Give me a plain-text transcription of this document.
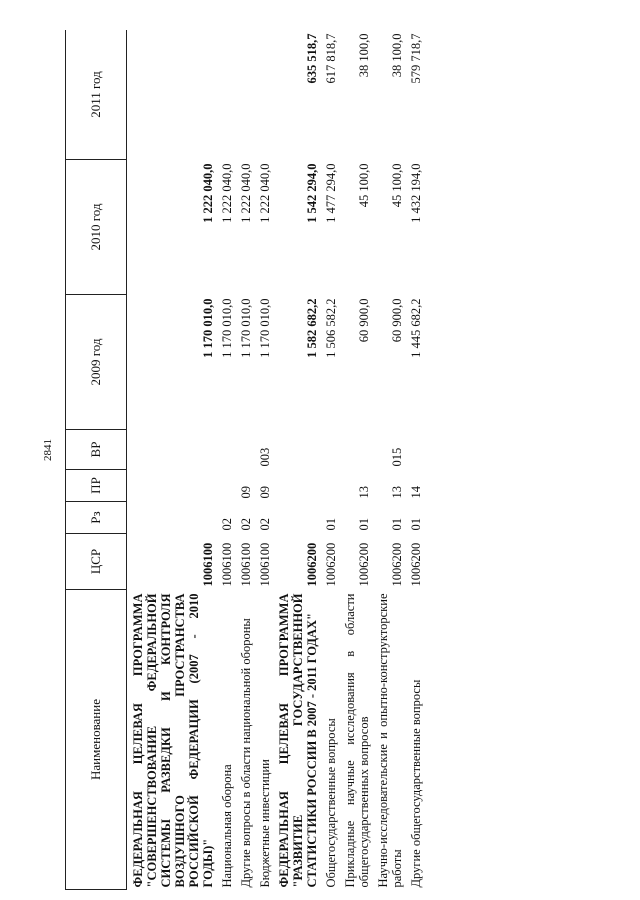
2841
Наименование	ЦСР	Рз	ПР	ВР	2009 год	2010 год	2011 год
ФЕДЕРАЛЬНАЯ ЦЕЛЕВАЯ ПРОГРАММА "СОВЕРШЕНСТВОВАНИЕ ФЕДЕРАЛЬНОЙ СИСТЕМЫ РАЗВЕДКИ И КОНТРОЛЯ ВОЗДУШНОГО ПРОСТРАНСТВА РОССИЙСКОЙ ФЕДЕРАЦИИ (2007 - 2010 ГОДЫ)"	1006100				1 170 010,0	1 222 040,0	
Национальная оборона	1006100	02			1 170 010,0	1 222 040,0	
Другие вопросы в области национальной обороны	1006100	02	09		1 170 010,0	1 222 040,0	
Бюджетные инвестиции	1006100	02	09	003	1 170 010,0	1 222 040,0	
ФЕДЕРАЛЬНАЯ ЦЕЛЕВАЯ ПРОГРАММА "РАЗВИТИЕ ГОСУДАРСТВЕННОЙ СТАТИСТИКИ РОССИИ В 2007 - 2011 ГОДАХ"	1006200				1 582 682,2	1 542 294,0	635 518,7
Общегосударственные вопросы	1006200	01			1 506 582,2	1 477 294,0	617 818,7
Прикладные научные исследования в области общегосударственных вопросов	1006200	01	13		60 900,0	45 100,0	38 100,0
Научно-исследовательские и опытно-конструкторские работы	1006200	01	13	015	60 900,0	45 100,0	38 100,0
Другие общегосударственные вопросы	1006200	01	14		1 445 682,2	1 432 194,0	579 718,7
